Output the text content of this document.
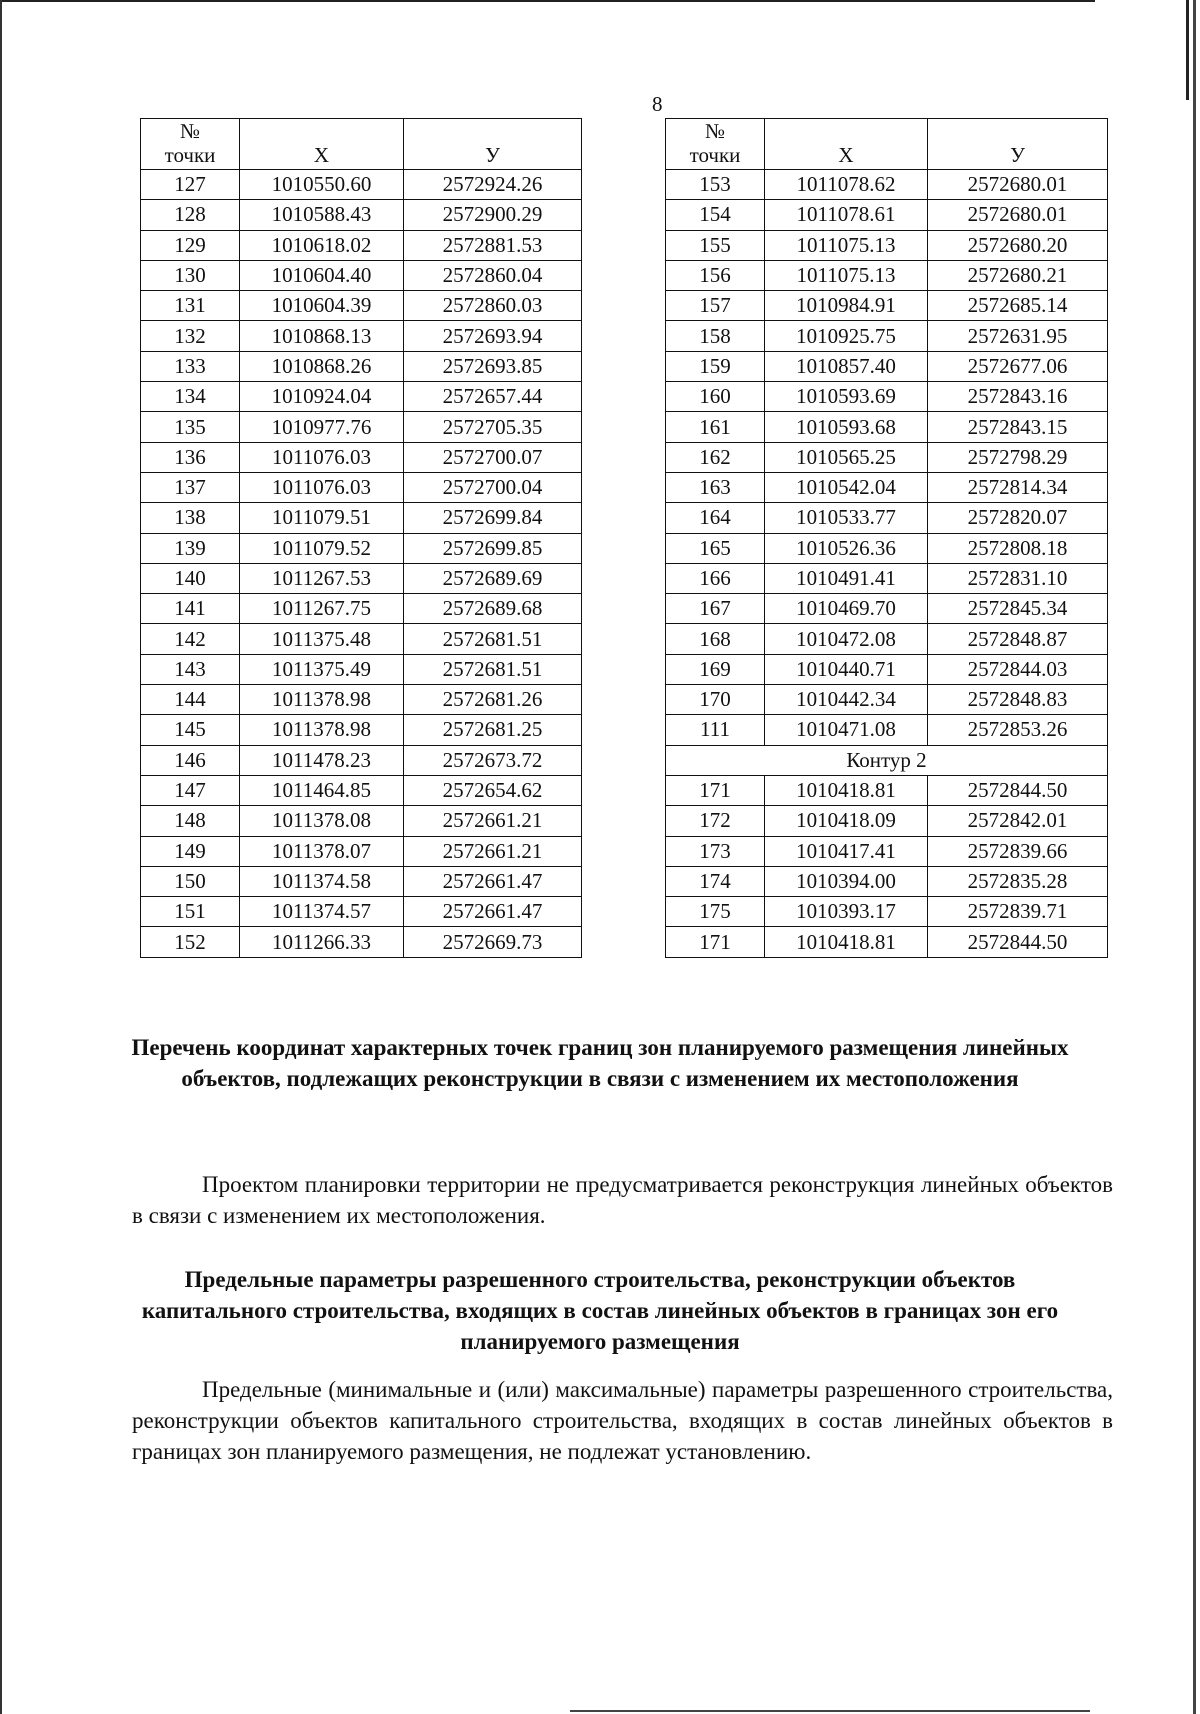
8
№
точки	Х	У
127	1010550.60	2572924.26
128	1010588.43	2572900.29
129	1010618.02	2572881.53
130	1010604.40	2572860.04
131	1010604.39	2572860.03
132	1010868.13	2572693.94
133	1010868.26	2572693.85
134	1010924.04	2572657.44
135	1010977.76	2572705.35
136	1011076.03	2572700.07
137	1011076.03	2572700.04
138	1011079.51	2572699.84
139	1011079.52	2572699.85
140	1011267.53	2572689.69
141	1011267.75	2572689.68
142	1011375.48	2572681.51
143	1011375.49	2572681.51
144	1011378.98	2572681.26
145	1011378.98	2572681.25
146	1011478.23	2572673.72
147	1011464.85	2572654.62
148	1011378.08	2572661.21
149	1011378.07	2572661.21
150	1011374.58	2572661.47
151	1011374.57	2572661.47
152	1011266.33	2572669.73
№
точки	Х	У
153	1011078.62	2572680.01
154	1011078.61	2572680.01
155	1011075.13	2572680.20
156	1011075.13	2572680.21
157	1010984.91	2572685.14
158	1010925.75	2572631.95
159	1010857.40	2572677.06
160	1010593.69	2572843.16
161	1010593.68	2572843.15
162	1010565.25	2572798.29
163	1010542.04	2572814.34
164	1010533.77	2572820.07
165	1010526.36	2572808.18
166	1010491.41	2572831.10
167	1010469.70	2572845.34
168	1010472.08	2572848.87
169	1010440.71	2572844.03
170	1010442.34	2572848.83
111	1010471.08	2572853.26
Контур 2		
171	1010418.81	2572844.50
172	1010418.09	2572842.01
173	1010417.41	2572839.66
174	1010394.00	2572835.28
175	1010393.17	2572839.71
171	1010418.81	2572844.50
Перечень координат характерных точек границ зон планируемого размещения линейных объектов, подлежащих реконструкции в связи с изменением их местоположения
Проектом планировки территории не предусматривается реконструкция линейных объектов в связи с изменением их местоположения.
Предельные параметры разрешенного строительства, реконструкции объектов капитального строительства, входящих в состав линейных объектов в границах зон его планируемого размещения
Предельные (минимальные и (или) максимальные) параметры разрешенного строительства, реконструкции объектов капитального строительства, входящих в состав линейных объектов в границах зон планируемого размещения, не подлежат установлению.
